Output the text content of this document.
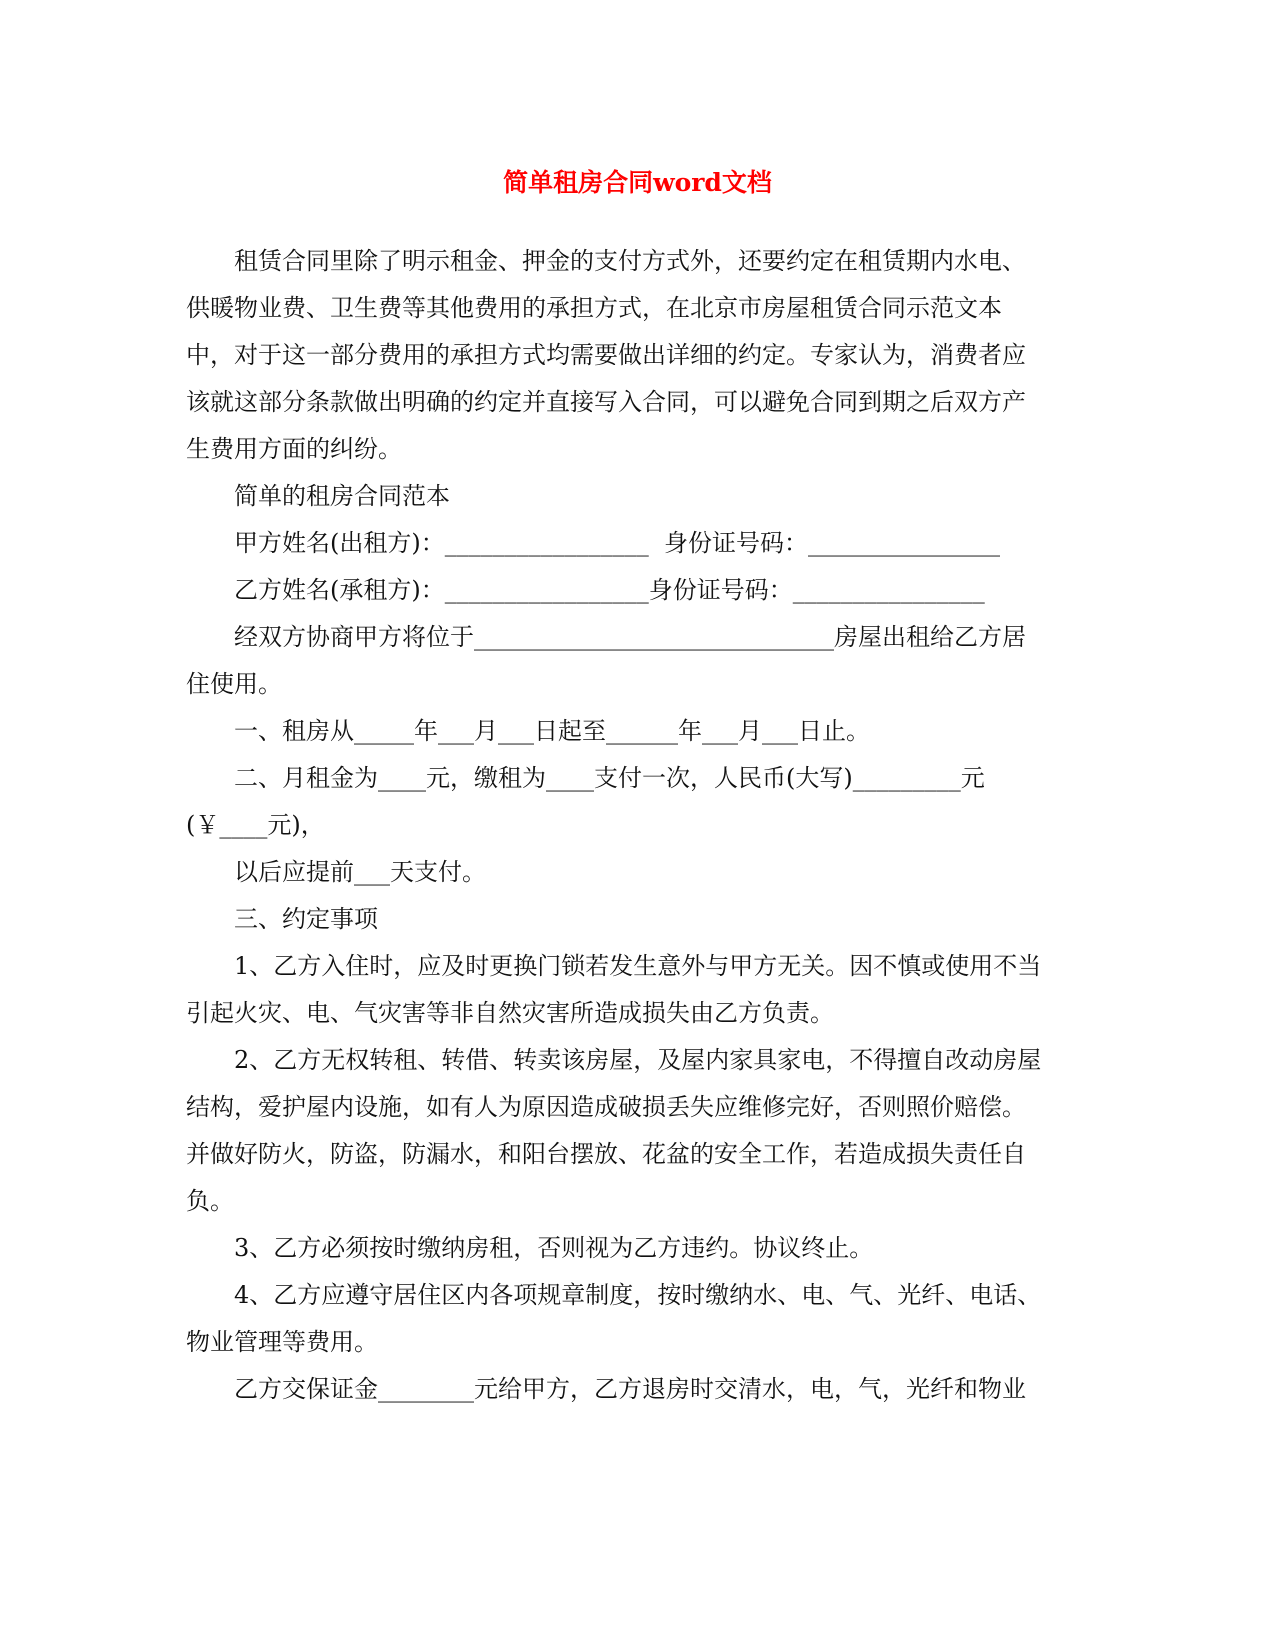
简单租房合同word文档

租赁合同里除了明示租金、押金的支付方式外，还要约定在租赁期内水电、供暖物业费、卫生费等其他费用的承担方式，在北京市房屋租赁合同示范文本中，对于这一部分费用的承担方式均需要做出详细的约定。专家认为，消费者应该就这部分条款做出明确的约定并直接写入合同，可以避免合同到期之后双方产生费用方面的纠纷。

简单的租房合同范本

甲方姓名(出租方)：_________________  身份证号码：________________

乙方姓名(承租方)：_________________身份证号码：________________

经双方协商甲方将位于______________________________房屋出租给乙方居住使用。

一、租房从_____年___月___日起至______年___月___日止。

二、月租金为____元，缴租为____支付一次，人民币(大写)_________元(￥____元)，

以后应提前___天支付。

三、约定事项

1、乙方入住时，应及时更换门锁若发生意外与甲方无关。因不慎或使用不当引起火灾、电、气灾害等非自然灾害所造成损失由乙方负责。

2、乙方无权转租、转借、转卖该房屋，及屋内家具家电，不得擅自改动房屋结构，爱护屋内设施，如有人为原因造成破损丢失应维修完好，否则照价赔偿。并做好防火，防盗，防漏水，和阳台摆放、花盆的安全工作，若造成损失责任自负。

3、乙方必须按时缴纳房租，否则视为乙方违约。协议终止。

4、乙方应遵守居住区内各项规章制度，按时缴纳水、电、气、光纤、电话、物业管理等费用。

乙方交保证金________元给甲方，乙方退房时交清水，电，气，光纤和物业
